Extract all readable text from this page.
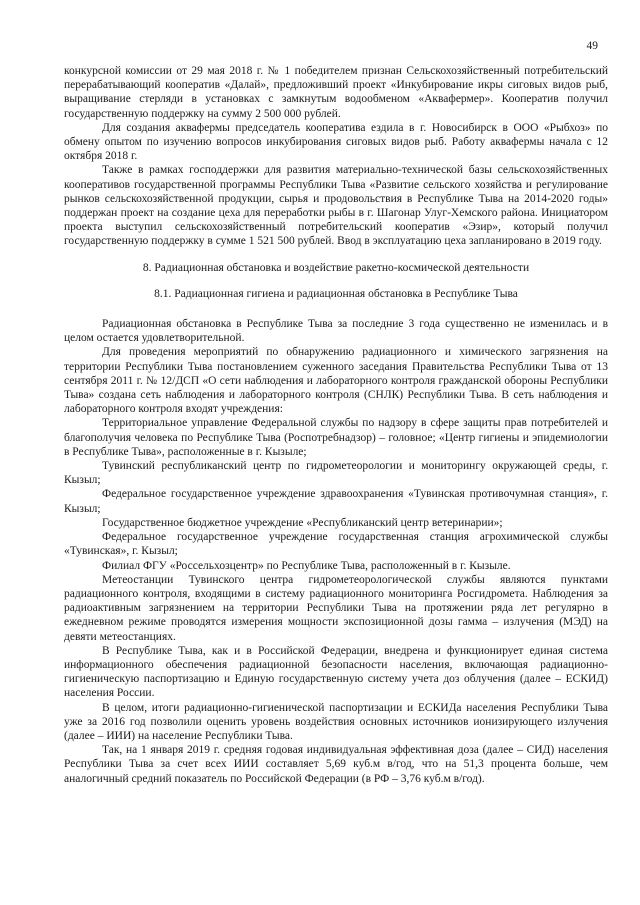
49

конкурсной комиссии от 29 мая 2018 г. № 1 победителем признан Сельскохозяйственный потребительский перерабатывающий кооператив «Далай», предложивший проект «Инкубирование икры сиговых видов рыб, выращивание стерляди в установках с замкнутым водообменом «Аквафермер». Кооператив получил государственную поддержку на сумму 2 500 000 рублей.

Для создания аквафермы председатель кооператива ездила в г. Новосибирск в ООО «Рыбхоз» по обмену опытом по изучению вопросов инкубирования сиговых видов рыб. Работу аквафермы начала с 12 октября 2018 г.

Также в рамках господдержки для развития материально-технической базы сельскохозяйственных кооперативов государственной программы Республики Тыва «Развитие сельского хозяйства и регулирование рынков сельскохозяйственной продукции, сырья и продовольствия в Республике Тыва на 2014-2020 годы» поддержан проект на создание цеха для переработки рыбы в г. Шагонар Улуг-Хемского района. Инициатором проекта выступил сельскохозяйственный потребительский кооператив «Эзир», который получил государственную поддержку в сумме 1 521 500 рублей. Ввод в эксплуатацию цеха запланировано в 2019 году.

8. Радиационная обстановка и воздействие ракетно-космической деятельности
8.1. Радиационная гигиена и радиационная обстановка в Республике Тыва

Радиационная обстановка в Республике Тыва за последние 3 года существенно не изменилась и в целом остается удовлетворительной.

Для проведения мероприятий по обнаружению радиационного и химического загрязнения на территории Республики Тыва постановлением суженного заседания Правительства Республики Тыва от 13 сентября 2011 г. № 12/ДСП «О сети наблюдения и лабораторного контроля гражданской обороны Республики Тыва» создана сеть наблюдения и лабораторного контроля (СНЛК) Республики Тыва. В сеть наблюдения и лабораторного контроля входят учреждения:

Территориальное управление Федеральной службы по надзору в сфере защиты прав потребителей и благополучия человека по Республике Тыва (Роспотребнадзор) – головное; «Центр гигиены и эпидемиологии в Республике Тыва», расположенные в г. Кызыле;

Тувинский республиканский центр по гидрометеорологии и мониторингу окружающей среды, г. Кызыл;

Федеральное государственное учреждение здравоохранения «Тувинская противочумная станция», г. Кызыл;

Государственное бюджетное учреждение «Республиканский центр ветеринарии»;

Федеральное государственное учреждение государственная станция агрохимической службы «Тувинская», г. Кызыл;

Филиал ФГУ «Россельхозцентр» по Республике Тыва, расположенный в г. Кызыле.

Метеостанции Тувинского центра гидрометеорологической службы являются пунктами радиационного контроля, входящими в систему радиационного мониторинга Росгидромета. Наблюдения за радиоактивным загрязнением на территории Республики Тыва на протяжении ряда лет регулярно в ежедневном режиме проводятся измерения мощности экспозиционной дозы гамма – излучения (МЭД) на девяти метеостанциях.

В Республике Тыва, как и в Российской Федерации, внедрена и функционирует единая система информационного обеспечения радиационной безопасности населения, включающая радиационно-гигиеническую паспортизацию и Единую государственную систему учета доз облучения (далее – ЕСКИД) населения России.

В целом, итоги радиационно-гигиенической паспортизации и ЕСКИДа населения Республики Тыва уже за 2016 год позволили оценить уровень воздействия основных источников ионизирующего излучения (далее – ИИИ) на население Республики Тыва.

Так, на 1 января 2019 г. средняя годовая индивидуальная эффективная доза (далее – СИД) населения Республики Тыва за счет всех ИИИ составляет 5,69 куб.м в/год, что на 51,3 процента больше, чем аналогичный средний показатель по Российской Федерации (в РФ – 3,76 куб.м в/год).
